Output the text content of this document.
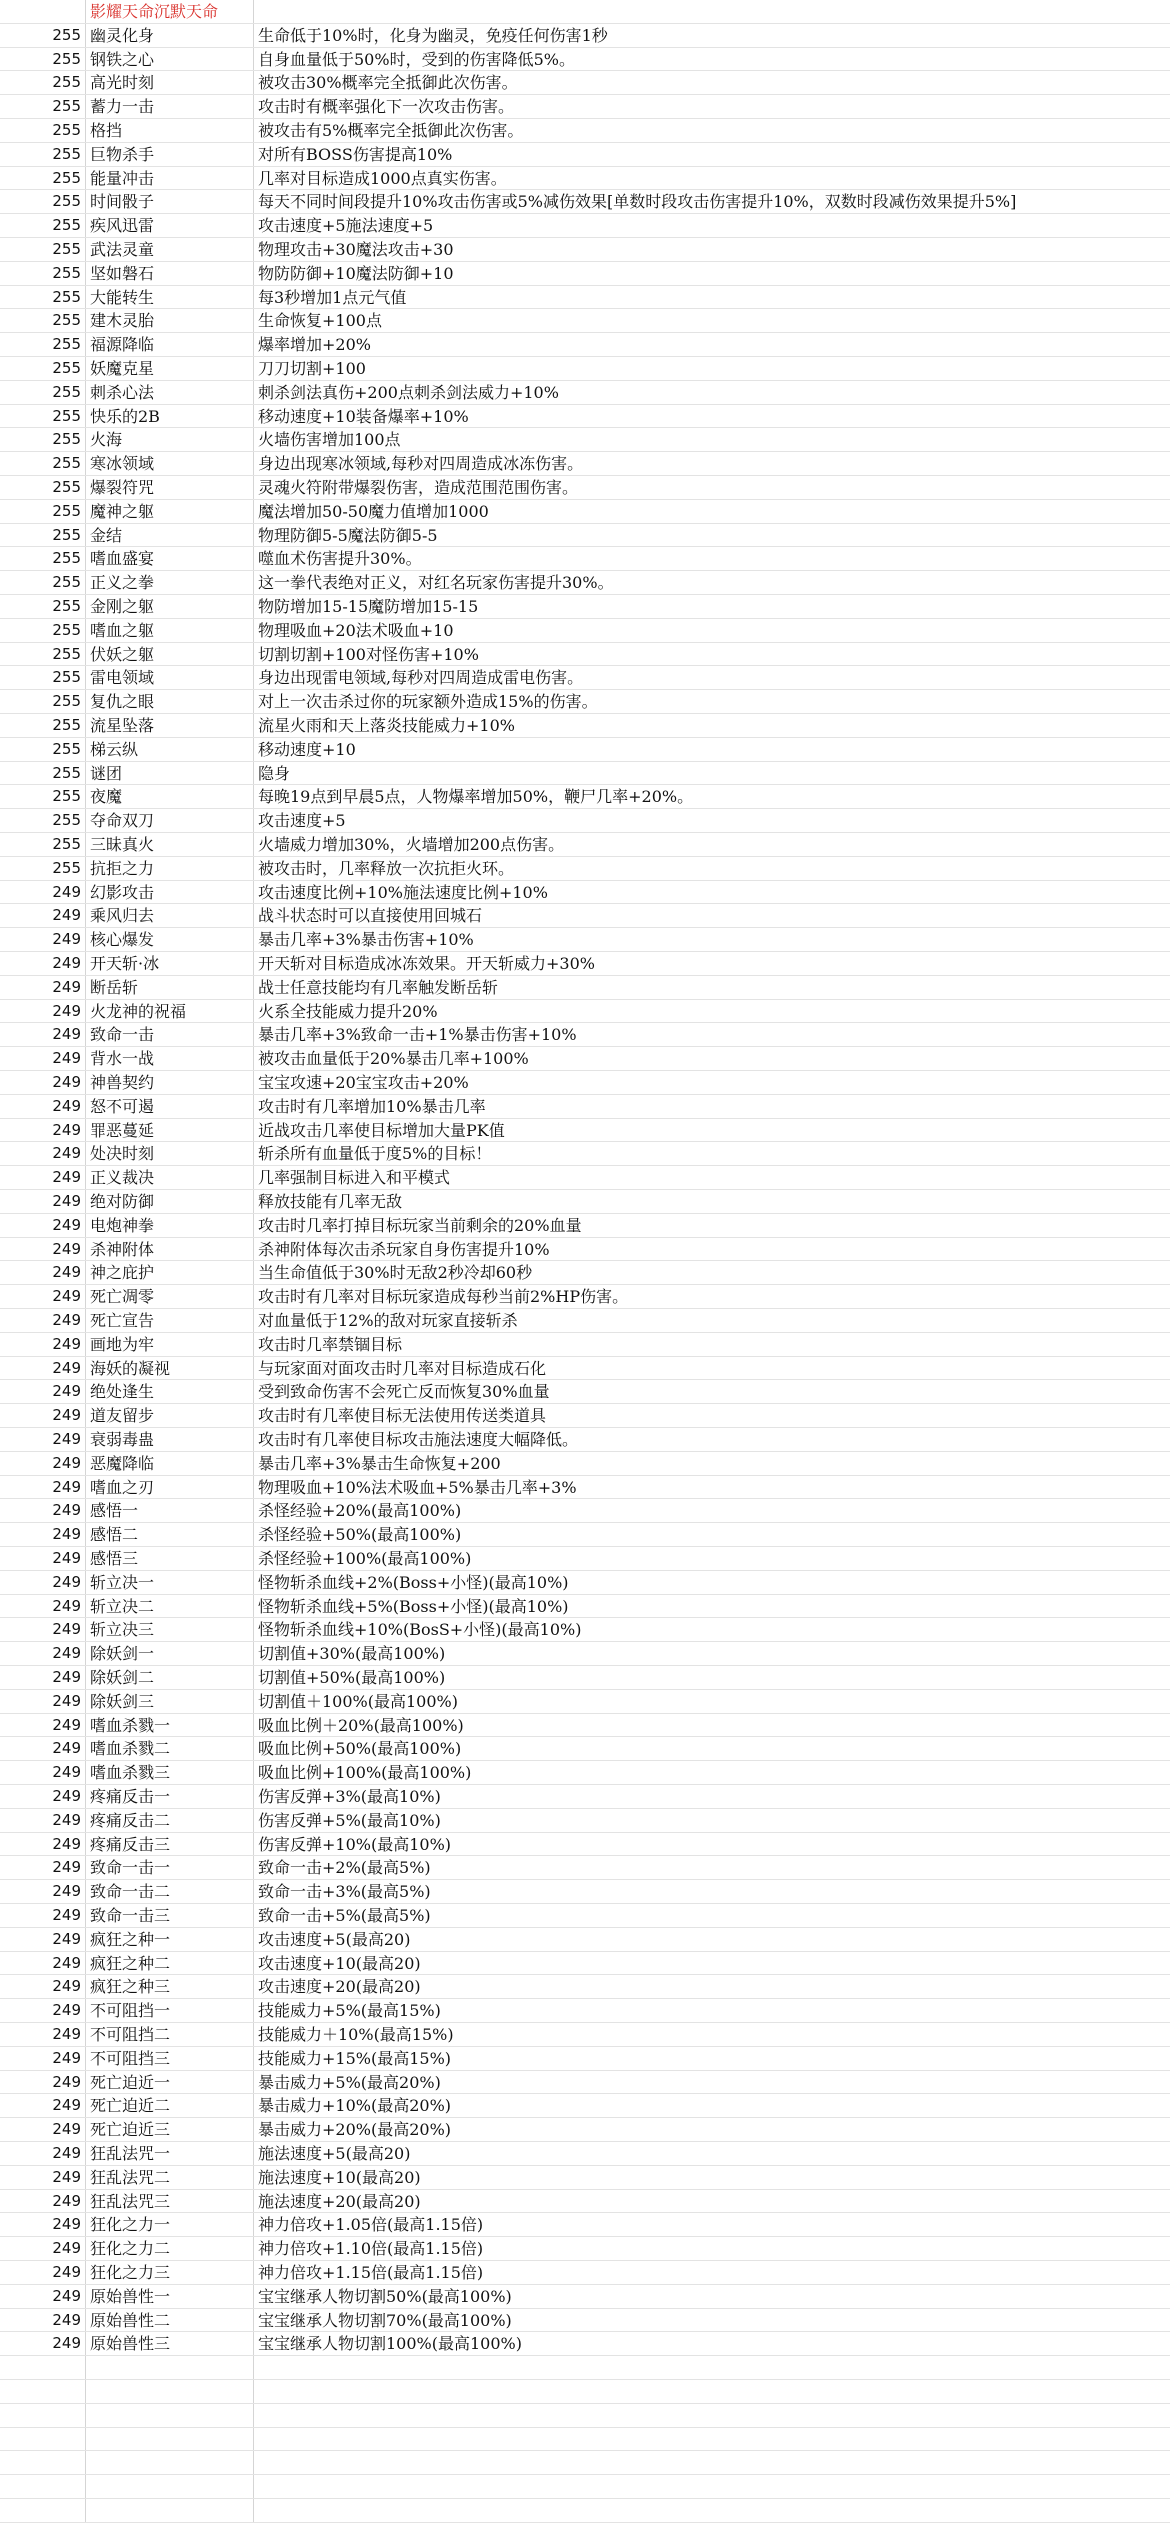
影耀天命沉默天命
255 幽灵化身	生命低于10%时，化身为幽灵，免疫任何伤害1秒
255 钢铁之心	自身血量低于50%时，受到的伤害降低5%。
255 高光时刻	被攻击30%概率完全抵御此次伤害。
255 蓄力一击	攻击时有概率强化下一次攻击伤害。
255 格挡	被攻击有5%概率完全抵御此次伤害。
255 巨物杀手	对所有BOSS伤害提高10%
255 能量冲击	几率对目标造成1000点真实伤害。
255 时间骰子	每天不同时间段提升10%攻击伤害或5%减伤效果[单数时段攻击伤害提升10%，双数时段减伤效果提升5%]
255 疾风迅雷	攻击速度+5施法速度+5
255 武法灵童	物理攻击+30魔法攻击+30
255 坚如磐石	物防防御+10魔法防御+10
255 大能转生	每3秒增加1点元气值
255 建木灵胎	生命恢复+100点
255 福源降临	爆率增加+20%
255 妖魔克星	刀刀切割+100
255 刺杀心法	刺杀剑法真伤+200点刺杀剑法威力+10%
255 快乐的2B	移动速度+10装备爆率+10%
255 火海	火墙伤害增加100点
255 寒冰领域	身边出现寒冰领域,每秒对四周造成冰冻伤害。
255 爆裂符咒	灵魂火符附带爆裂伤害，造成范围范围伤害。
255 魔神之躯	魔法增加50-50魔力值增加1000
255 金结	物理防御5-5魔法防御5-5
255 嗜血盛宴	噬血术伤害提升30%。
255 正义之拳	这一拳代表绝对正义，对红名玩家伤害提升30%。
255 金刚之躯	物防增加15-15魔防增加15-15
255 嗜血之躯	物理吸血+20法术吸血+10
255 伏妖之躯	切割切割+100对怪伤害+10%
255 雷电领域	身边出现雷电领域,每秒对四周造成雷电伤害。
255 复仇之眼	对上一次击杀过你的玩家额外造成15%的伤害。
255 流星坠落	流星火雨和天上落炎技能威力+10%
255 梯云纵	移动速度+10
255 谜团	隐身
255 夜魔	每晚19点到早晨5点，人物爆率增加50%，鞭尸几率+20%。
255 夺命双刀	攻击速度+5
255 三昧真火	火墙威力增加30%，火墙增加200点伤害。
255 抗拒之力	被攻击时，几率释放一次抗拒火环。
249 幻影攻击	攻击速度比例+10%施法速度比例+10%
249 乘风归去	战斗状态时可以直接使用回城石
249 核心爆发	暴击几率+3%暴击伤害+10%
249 开天斩·冰	开天斩对目标造成冰冻效果。开天斩威力+30%
249 断岳斩	战士任意技能均有几率触发断岳斩
249 火龙神的祝福	火系全技能威力提升20%
249 致命一击	暴击几率+3%致命一击+1%暴击伤害+10%
249 背水一战	被攻击血量低于20%暴击几率+100%
249 神兽契约	宝宝攻速+20宝宝攻击+20%
249 怒不可遏	攻击时有几率增加10%暴击几率
249 罪恶蔓延	近战攻击几率使目标增加大量PK值
249 处决时刻	斩杀所有血量低于度5%的目标！
249 正义裁决	几率强制目标进入和平模式
249 绝对防御	释放技能有几率无敌
249 电炮神拳	攻击时几率打掉目标玩家当前剩余的20%血量
249 杀神附体	杀神附体每次击杀玩家自身伤害提升10%
249 神之庇护	当生命值低于30%时无敌2秒冷却60秒
249 死亡凋零	攻击时有几率对目标玩家造成每秒当前2%HP伤害。
249 死亡宣告	对血量低于12%的敌对玩家直接斩杀
249 画地为牢	攻击时几率禁锢目标
249 海妖的凝视	与玩家面对面攻击时几率对目标造成石化
249 绝处逢生	受到致命伤害不会死亡反而恢复30%血量
249 道友留步	攻击时有几率使目标无法使用传送类道具
249 衰弱毒蛊	攻击时有几率使目标攻击施法速度大幅降低。
249 恶魔降临	暴击几率+3%暴击生命恢复+200
249 嗜血之刃	物理吸血+10%法术吸血+5%暴击几率+3%
249 感悟一	杀怪经验+20%(最高100%)
249 感悟二	杀怪经验+50%(最高100%)
249 感悟三	杀怪经验+100%(最高100%)
249 斩立决一	怪物斩杀血线+2%(Boss+小怪)(最高10%)
249 斩立决二	怪物斩杀血线+5%(Boss+小怪)(最高10%)
249 斩立决三	怪物斩杀血线+10%(BosS+小怪)(最高10%)
249 除妖剑一	切割值+30%(最高100%)
249 除妖剑二	切割值+50%(最高100%)
249 除妖剑三	切割值＋100%(最高100%)
249 嗜血杀戮一	吸血比例＋20%(最高100%)
249 嗜血杀戮二	吸血比例+50%(最高100%)
249 嗜血杀戮三	吸血比例+100%(最高100%)
249 疼痛反击一	伤害反弹+3%(最高10%)
249 疼痛反击二	伤害反弹+5%(最高10%)
249 疼痛反击三	伤害反弹+10%(最高10%)
249 致命一击一	致命一击+2%(最高5%)
249 致命一击二	致命一击+3%(最高5%)
249 致命一击三	致命一击+5%(最高5%)
249 疯狂之种一	攻击速度+5(最高20)
249 疯狂之种二	攻击速度+10(最高20)
249 疯狂之种三	攻击速度+20(最高20)
249 不可阻挡一	技能威力+5%(最高15%)
249 不可阻挡二	技能威力＋10%(最高15%)
249 不可阻挡三	技能威力+15%(最高15%)
249 死亡迫近一	暴击威力+5%(最高20%)
249 死亡迫近二	暴击威力+10%(最高20%)
249 死亡迫近三	暴击威力+20%(最高20%)
249 狂乱法咒一	施法速度+5(最高20)
249 狂乱法咒二	施法速度+10(最高20)
249 狂乱法咒三	施法速度+20(最高20)
249 狂化之力一	神力倍攻+1.05倍(最高1.15倍)
249 狂化之力二	神力倍攻+1.10倍(最高1.15倍)
249 狂化之力三	神力倍攻+1.15倍(最高1.15倍)
249 原始兽性一	宝宝继承人物切割50%(最高100%)
249 原始兽性二	宝宝继承人物切割70%(最高100%)
249 原始兽性三	宝宝继承人物切割100%(最高100%)
